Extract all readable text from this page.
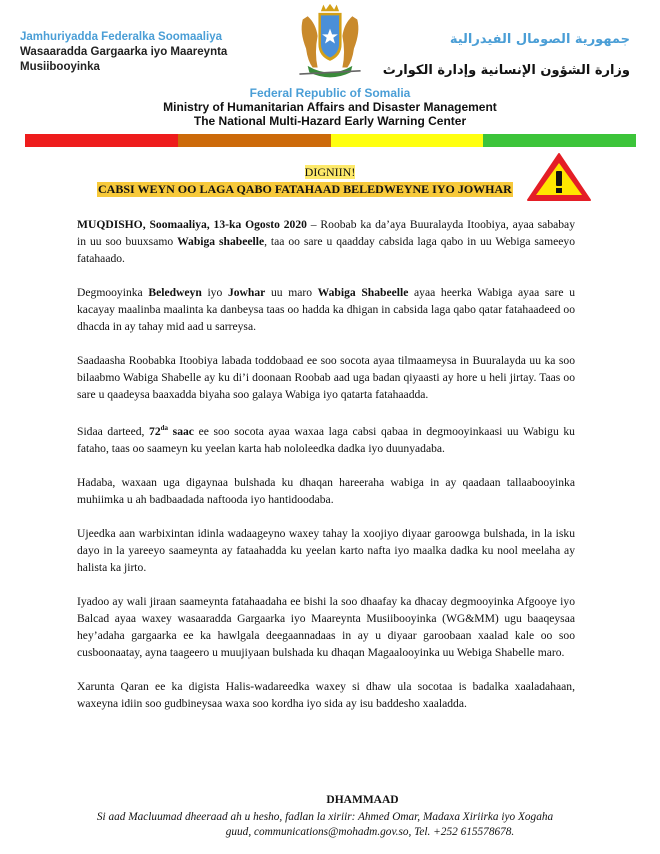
Jamhuriyadda Federalka Soomaaliya
Wasaaradda Gargaarka iyo Maareynta
Musiibooyinka
جمهورية الصومال الفيدرالية
وزارة الشؤون الإنسانية وإدارة الكوارث
Federal Republic of Somalia
Ministry of Humanitarian Affairs and Disaster Management
The National Multi-Hazard Early Warning Center
DIGNIIN!
CABSI WEYN OO LAGA QABO FATAHAAD BELEDWEYNE IYO JOWHAR

MUQDISHO, Soomaaliya, 13-ka Ogosto 2020 – Roobab ka da’aya Buuralayda Itoobiya, ayaa sababay in uu soo buuxsamo Wabiga shabeelle, taa oo sare u qaadday cabsida laga qabo in uu Webiga sameeyo fatahaado.

Degmooyinka Beledweyn iyo Jowhar uu maro Wabiga Shabeelle ayaa heerka Wabiga ayaa sare u kacayay maalinba maalinta ka danbeysa taas oo hadda ka dhigan in cabsida laga qabo qatar fatahaadeed oo dhacda in ay tahay mid aad u sarreysa.

Saadaasha Roobabka Itoobiya labada toddobaad ee soo socota ayaa tilmaameysa in Buuralayda uu ka soo bilaabmo Wabiga Shabelle ay ku di’i doonaan Roobab aad uga badan qiyaasti ay hore u heli jirtay. Taas oo sare u qaadeysa baaxadda biyaha soo galaya Wabiga iyo qatarta fatahaadda.

Sidaa darteed, $72^{da}$ saac ee soo socota ayaa waxaa laga cabsi qabaa in degmooyinkaasi uu Wabigu ku fataho, taas oo saameyn ku yeelan karta hab nololeedka dadka iyo duunyadaba.

Hadaba, waxaan uga digaynaa bulshada ku dhaqan hareeraha wabiga in ay qaadaan tallaabooyinka muhiimka u ah badbaadada naftooda iyo hantidoodaba.

Ujeedka aan warbixintan idinla wadaageyno waxey tahay la xoojiyo diyaar garoowga bulshada, in la isku dayo in la yareeyo saameynta ay fataahadda ku yeelan karto nafta iyo maalka dadka ku nool meelaha ay halista ka jirto.

Iyadoo ay wali jiraan saameynta fatahaadaha ee bishi la soo dhaafay ka dhacay degmooyinka Afgooye iyo Balcad ayaa waxey wasaaradda Gargaarka iyo Maareynta Musiibooyinka (WG&MM) ugu baaqeysaa hey’adaha gargaarka ee ka hawlgala deegaannadaas in ay u diyaar garoobaan xaalad kale oo soo cusboonaatay, ayna taageero u muujiyaan bulshada ku dhaqan Magaalooyinka uu Webiga Shabelle maro.

Xarunta Qaran ee ka digista Halis-wadareedka waxey si dhaw ula socotaa is badalka xaaladahaan, waxeyna idiin soo gudbineysaa waxa soo kordha iyo sida ay isu baddesho xaaladda.

DHAMMAAD
Si aad Macluumad dheeraad ah u hesho, fadlan la xiriir: Ahmed Omar, Madaxa Xiriirka iyo Xogaha
guud, communications@mohadm.gov.so, Tel. +252 615578678.
